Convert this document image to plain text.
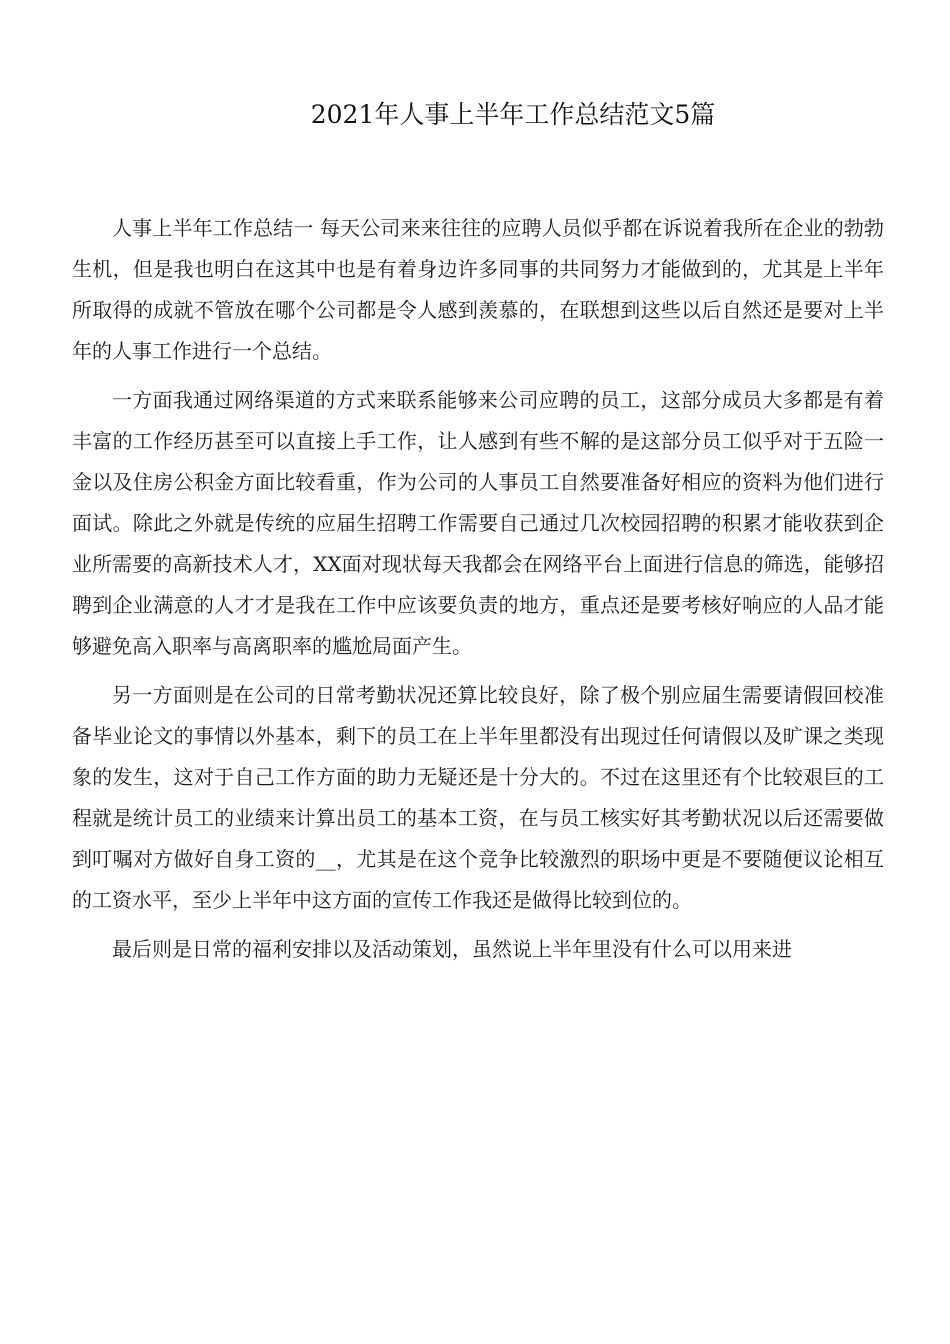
2021年人事上半年工作总结范文5篇

人事上半年工作总结一 每天公司来来往往的应聘人员似乎都在诉说着我所在企业的勃勃生机，但是我也明白在这其中也是有着身边许多同事的共同努力才能做到的，尤其是上半年所取得的成就不管放在哪个公司都是令人感到羡慕的，在联想到这些以后自然还是要对上半年的人事工作进行一个总结。

一方面我通过网络渠道的方式来联系能够来公司应聘的员工，这部分成员大多都是有着丰富的工作经历甚至可以直接上手工作，让人感到有些不解的是这部分员工似乎对于五险一金以及住房公积金方面比较看重，作为公司的人事员工自然要准备好相应的资料为他们进行面试。除此之外就是传统的应届生招聘工作需要自己通过几次校园招聘的积累才能收获到企业所需要的高新技术人才，XX面对现状每天我都会在网络平台上面进行信息的筛选，能够招聘到企业满意的人才才是我在工作中应该要负责的地方，重点还是要考核好响应的人品才能够避免高入职率与高离职率的尴尬局面产生。

另一方面则是在公司的日常考勤状况还算比较良好，除了极个别应届生需要请假回校准备毕业论文的事情以外基本，剩下的员工在上半年里都没有出现过任何请假以及旷课之类现象的发生，这对于自己工作方面的助力无疑还是十分大的。不过在这里还有个比较艰巨的工程就是统计员工的业绩来计算出员工的基本工资，在与员工核实好其考勤状况以后还需要做到叮嘱对方做好自身工资的__，尤其是在这个竞争比较激烈的职场中更是不要随便议论相互的工资水平，至少上半年中这方面的宣传工作我还是做得比较到位的。

最后则是日常的福利安排以及活动策划，虽然说上半年里没有什么可以用来进
